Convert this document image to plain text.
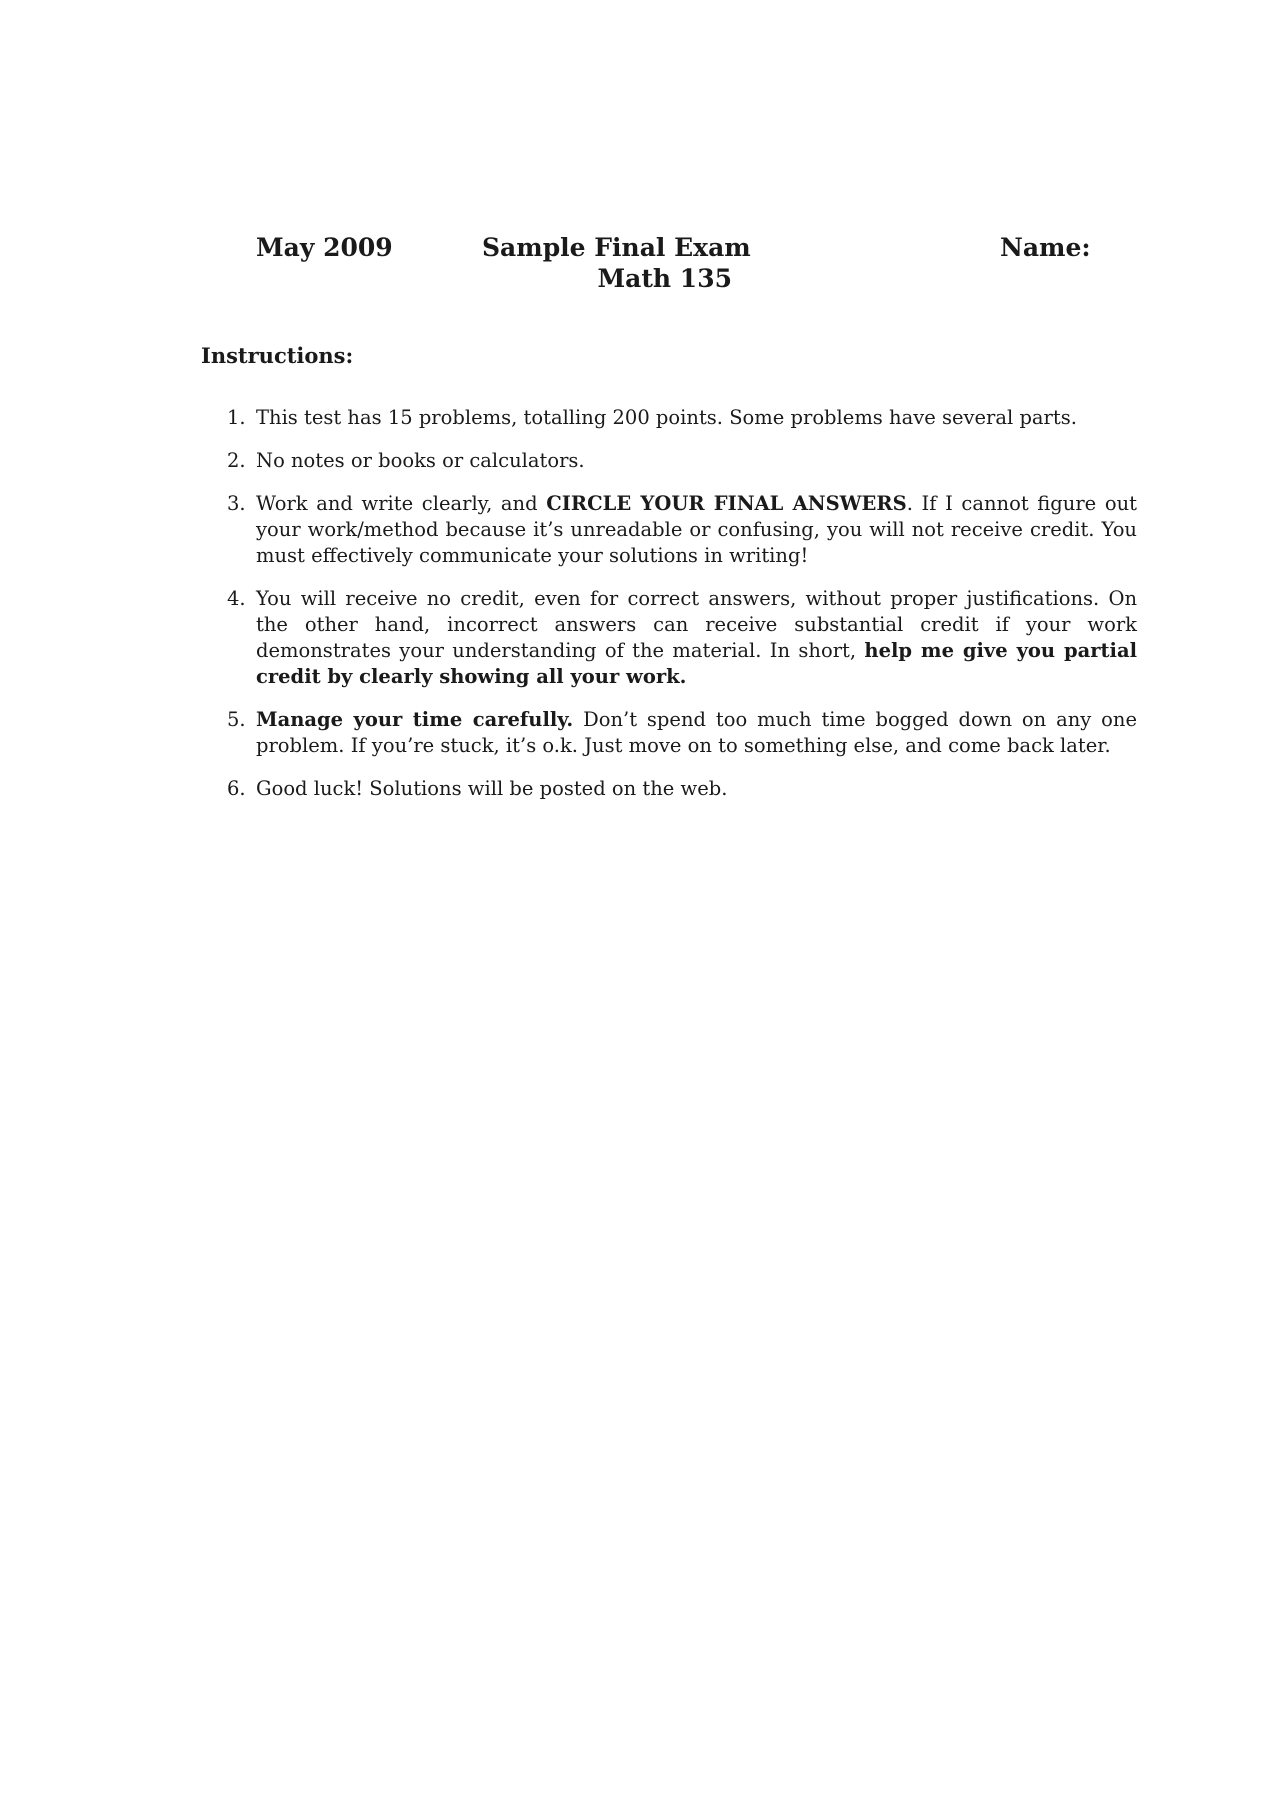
May 2009	Sample Final Exam
Math 135
Name:
Instructions:
1. This test has 15 problems, totalling 200 points. Some problems have several parts.
2. No notes or books or calculators.
3. Work and write clearly, and CIRCLE YOUR FINAL ANSWERS. If I cannot figure out your work/method because it’s unreadable or confusing, you will not receive credit. You must effectively communicate your solutions in writing!
4. You will receive no credit, even for correct answers, without proper justifications. On the other hand, incorrect answers can receive substantial credit if your work demonstrates your understanding of the material. In short, help me give you partial credit by clearly showing all your work.
5. Manage your time carefully. Don’t spend too much time bogged down on any one problem. If you’re stuck, it’s o.k. Just move on to something else, and come back later.
6. Good luck! Solutions will be posted on the web.
